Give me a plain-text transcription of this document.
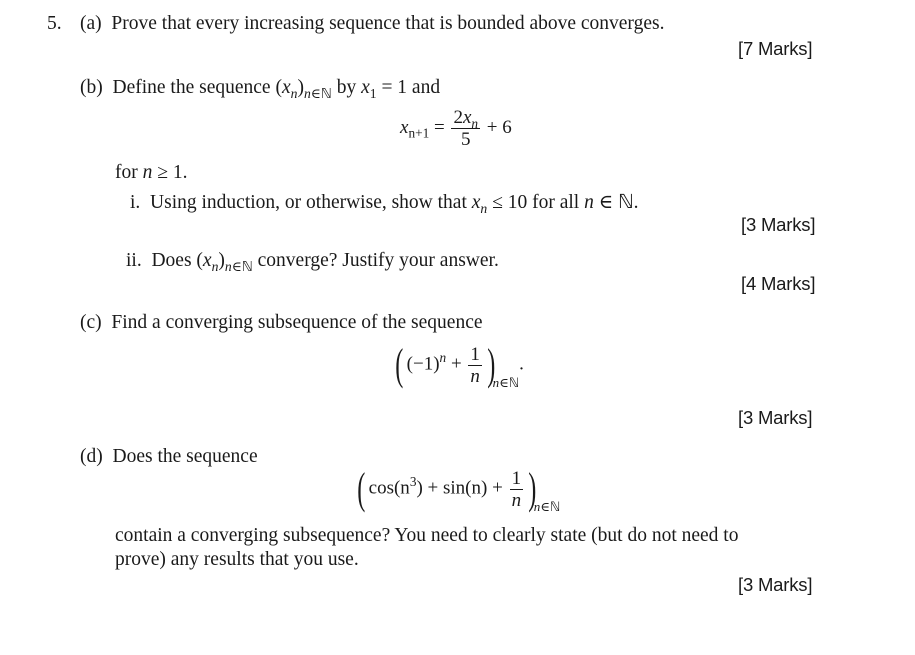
5. (a) Prove that every increasing sequence that is bounded above converges.
[7 Marks]
(b) Define the sequence $(x_n)_{n\in ℕ}$ by $x_1 = 1$ and
$x_{n+1} = \frac{2x_n}{5} + 6$
for n ≥ 1.
i. Using induction, or otherwise, show that $x_n \le 10$ for all n ∈ ℕ.
[3 Marks]
ii. Does $(x_n)_{n\in ℕ}$ converge? Justify your answer.
[4 Marks]
(c) Find a converging subsequence of the sequence
( $(-1)^n + \frac{1}{n} )_{n\in ℕ}$.
[3 Marks]
(d) Does the sequence
( $\cos(n^3) + \sin(n) + \frac{1}{n} )_{n\in ℕ}$
contain a converging subsequence? You need to clearly state (but do not need to
prove) any results that you use.
[3 Marks]
